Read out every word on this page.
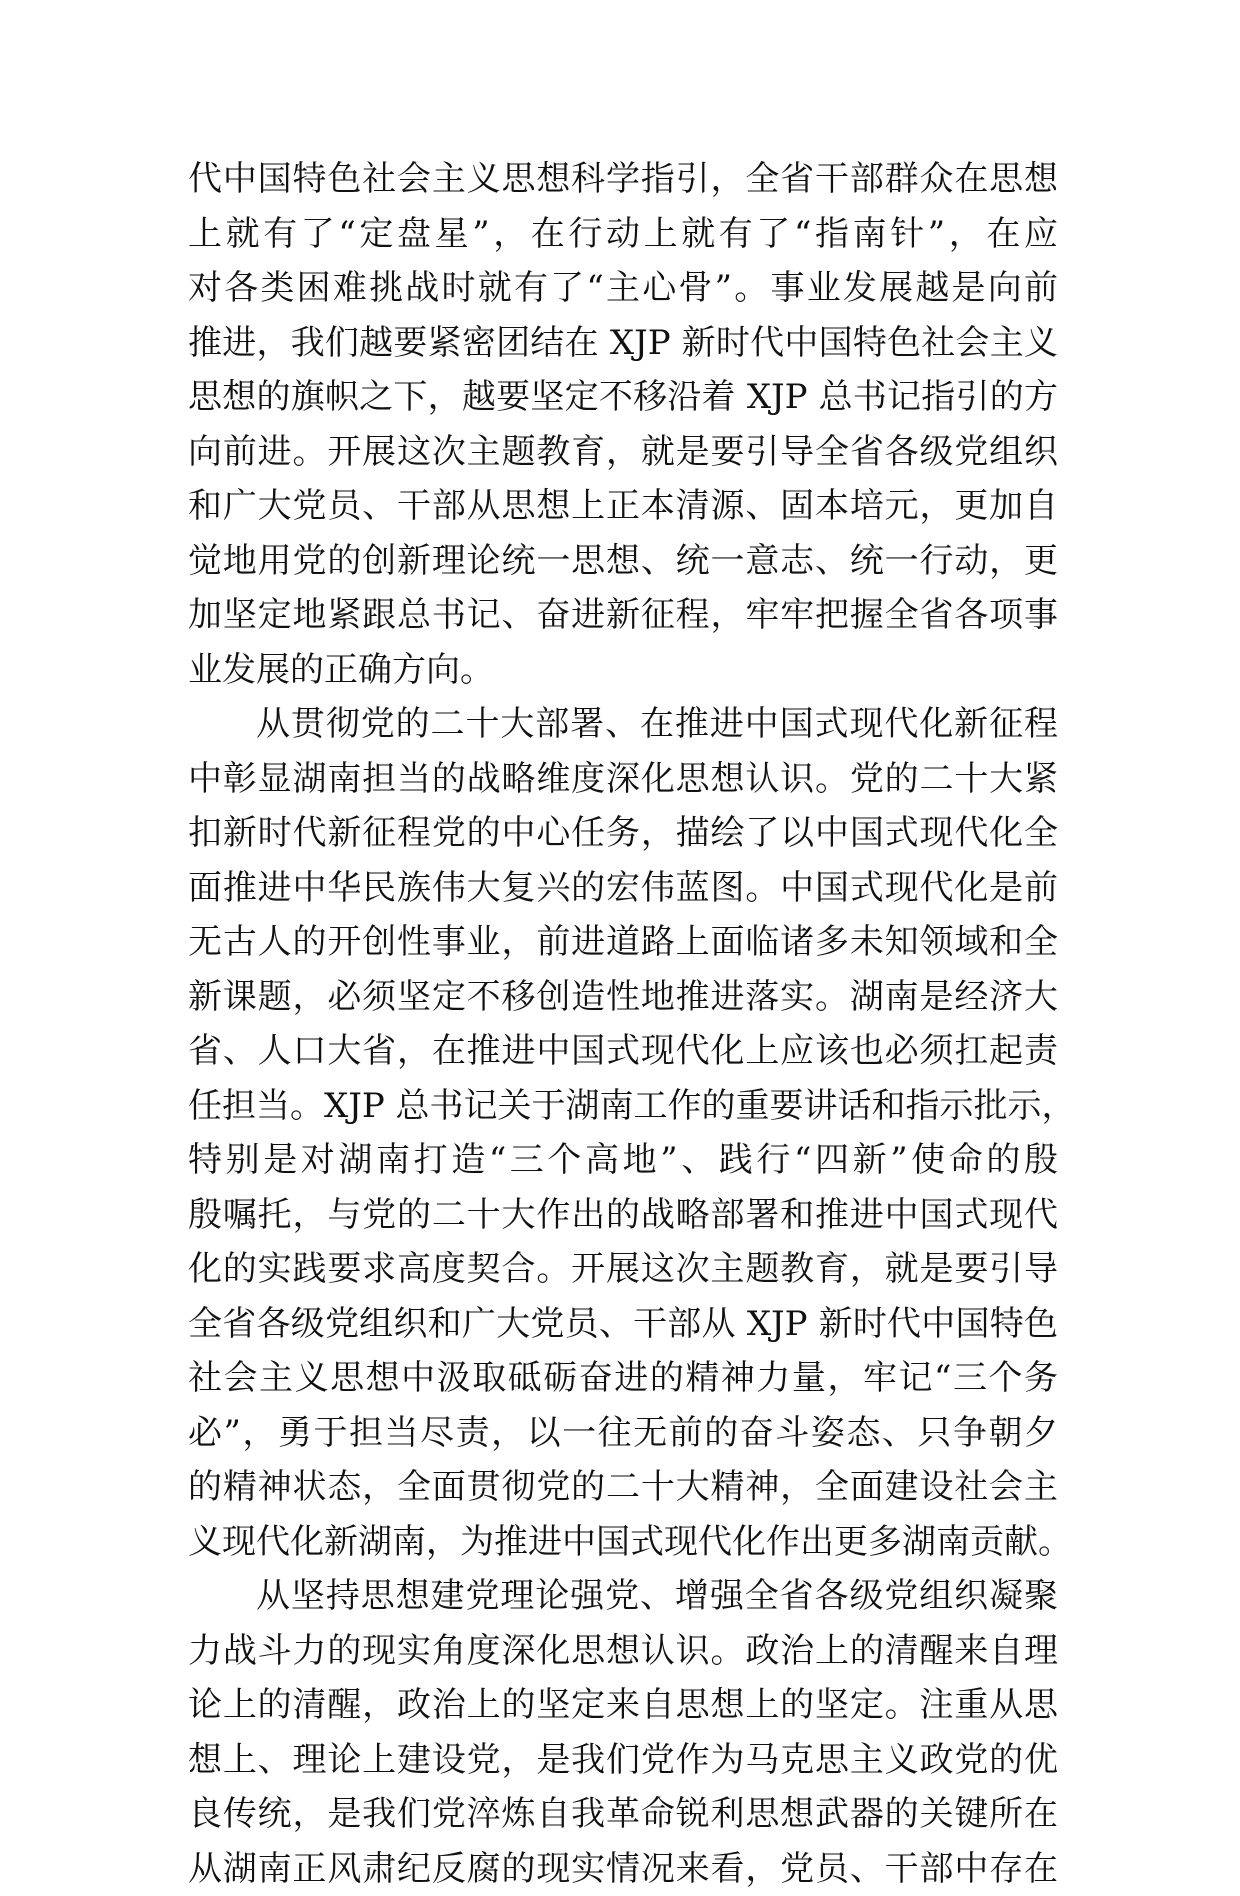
代中国特色社会主义思想科学指引，全省干部群众在思想
上就有了“定盘星”，在行动上就有了“指南针”，在应
对各类困难挑战时就有了“主心骨”。事业发展越是向前
推进，我们越要紧密团结在 XJP 新时代中国特色社会主义
思想的旗帜之下，越要坚定不移沿着 XJP 总书记指引的方
向前进。开展这次主题教育，就是要引导全省各级党组织
和广大党员、干部从思想上正本清源、固本培元，更加自
觉地用党的创新理论统一思想、统一意志、统一行动，更
加坚定地紧跟总书记、奋进新征程，牢牢把握全省各项事
业发展的正确方向。
从贯彻党的二十大部署、在推进中国式现代化新征程
中彰显湖南担当的战略维度深化思想认识。党的二十大紧
扣新时代新征程党的中心任务，描绘了以中国式现代化全
面推进中华民族伟大复兴的宏伟蓝图。中国式现代化是前
无古人的开创性事业，前进道路上面临诸多未知领域和全
新课题，必须坚定不移创造性地推进落实。湖南是经济大
省、人口大省，在推进中国式现代化上应该也必须扛起责
任担当。XJP 总书记关于湖南工作的重要讲话和指示批示，
特别是对湖南打造“三个高地”、践行“四新”使命的殷
殷嘱托，与党的二十大作出的战略部署和推进中国式现代
化的实践要求高度契合。开展这次主题教育，就是要引导
全省各级党组织和广大党员、干部从 XJP 新时代中国特色
社会主义思想中汲取砥砺奋进的精神力量，牢记“三个务
必”，勇于担当尽责，以一往无前的奋斗姿态、只争朝夕
的精神状态，全面贯彻党的二十大精神，全面建设社会主
义现代化新湖南，为推进中国式现代化作出更多湖南贡献。
从坚持思想建党理论强党、增强全省各级党组织凝聚
力战斗力的现实角度深化思想认识。政治上的清醒来自理
论上的清醒，政治上的坚定来自思想上的坚定。注重从思
想上、理论上建设党，是我们党作为马克思主义政党的优
良传统，是我们党淬炼自我革命锐利思想武器的关键所在
从湖南正风肃纪反腐的现实情况来看，党员、干部中存在
